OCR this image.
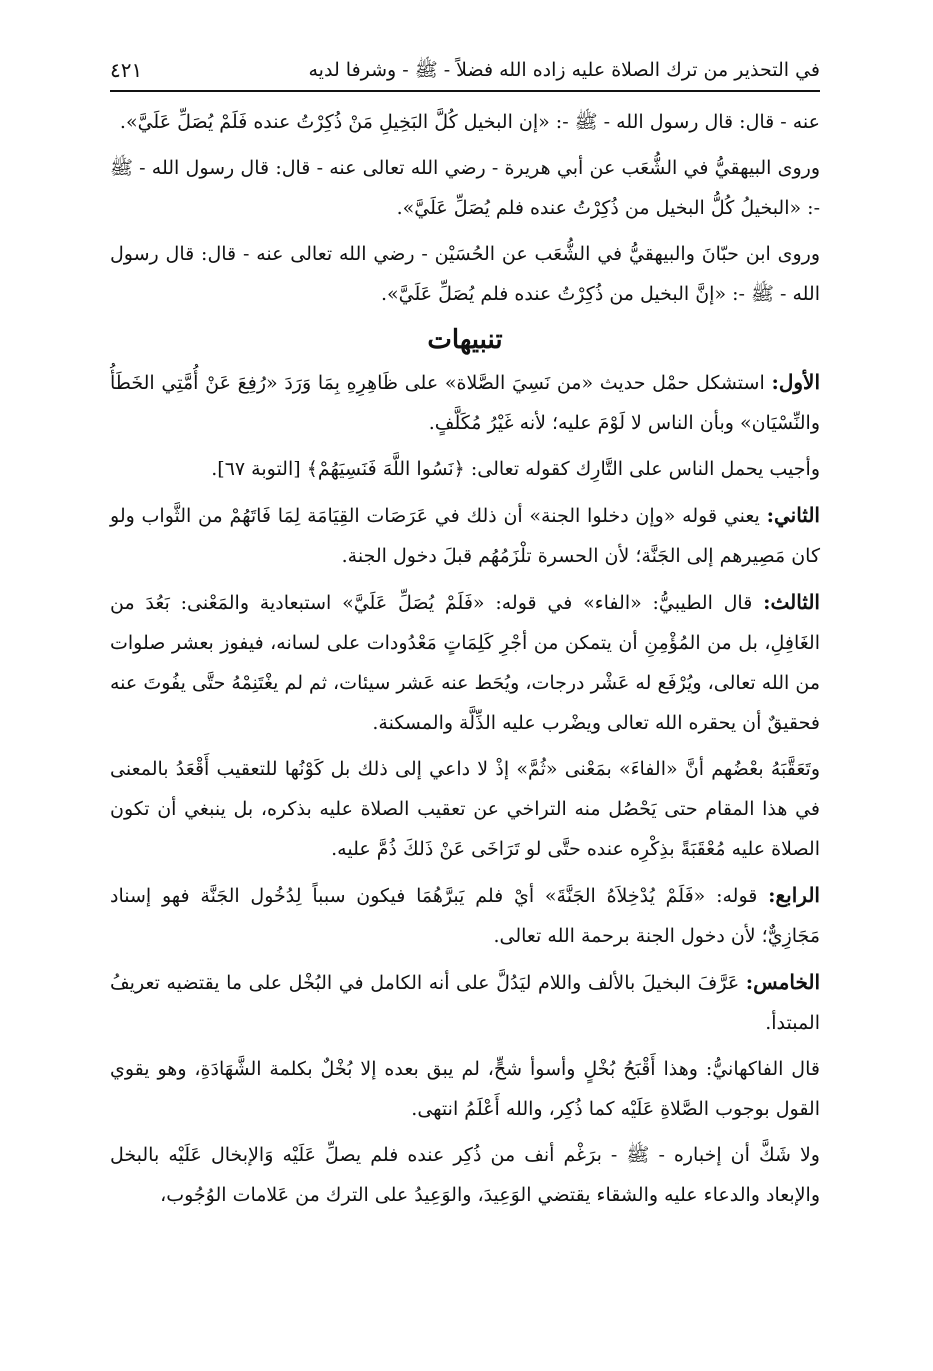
في التحذير من ترك الصلاة عليه زاده الله فضلاً - ﷺ - وشرفا لديه
٤٢١

عنه - قال: قال رسول الله - ﷺ -: «إن البخيل كُلَّ البَخِيلِ مَنْ ذُكِرْتُ عنده فَلَمْ يُصَلِّ عَلَيَّ».

وروى البيهقيُّ في الشُّعَب عن أبي هريرة - رضي الله تعالى عنه - قال: قال رسول الله - ﷺ -: «البخيلُ كُلُّ البخيل من ذُكِرْتُ عنده فلم يُصَلِّ عَلَيَّ».

وروى ابن حبّانَ والبيهقيُّ في الشُّعَب عن الحُسَيْن - رضي الله تعالى عنه - قال: قال رسول الله - ﷺ -: «إنَّ البخيل من ذُكِرْتُ عنده فلم يُصَلِّ عَلَيَّ».

تنبيهات

الأول: استشكل حمْل حديث «من نَسِيَ الصَّلاة» على ظَاهِرِهِ بِمَا وَرَدَ «رُفِعَ عَنْ أُمَّتِي الخَطَأُ والنِّسْيَان» وبأن الناس لا لَوْمَ عليه؛ لأنه غَيْرُ مُكَلَّفٍ.

وأجيب يحمل الناس على التَّارِك كقوله تعالى: ﴿نَسُوا اللَّهَ فَنَسِيَهُمْ﴾ [التوبة ٦٧].

الثاني: يعني قوله «وإن دخلوا الجنة» أن ذلك في عَرَصَات القِيَامَة لِمَا فَاتَهُمْ من الثَّواب ولو كان مَصِيرهم إلى الجَنَّة؛ لأن الحسرة تلْزَمُهُم قبلَ دخول الجنة.

الثالث: قال الطيبيُّ: «الفاء» في قوله: «فَلَمْ يُصَلِّ عَلَيَّ» استبعادية والمَعْنى: بَعُدَ من الغَافِلِ، بل من المُؤْمِنِ أن يتمكن من أجْرِ كَلِمَاتٍ مَعْدُودات على لسانه، فيفوز بعشر صلوات من الله تعالى، ويُرْفَع له عَشْر درجات، ويُحَط عنه عَشر سيئات، ثم لم يغْتَنِمْهُ حتَّى يفُوتَ عنه فحقيقٌ أن يحقره الله تعالى ويضْرب عليه الذِّلَّة والمسكنة.

وتَعَقَّبَهُ بعْضُهم أنَّ «الفاءَ» بمَعْنى «ثُمَّ» إذْ لا داعي إلى ذلك بل كَوْنُها للتعقيب أَقْعَدُ بالمعنى في هذا المقام حتى يَحْصُل منه التراخي عن تعقيب الصلاة عليه بذكره، بل ينبغي أن تكون الصلاة عليه مُعْقَبَةً بذِكْرِه عنده حتَّى لو تَرَاخَى عَنْ ذَلكَ ذُمَّ عليه.

الرابع: قوله: «فَلَمْ يُدْخِلاَهُ الجَنَّةَ» أيْ فلم يَبرَّهُمَا فيكون سبباً لِدُخُول الجَنَّة فهو إسناد مَجَازِيٌّ؛ لأن دخول الجنة برحمة الله تعالى.

الخامس: عَرَّفَ البخيلَ بالألف واللام ليَدُلَّ على أنه الكامل في البُخْل على ما يقتضيه تعريفُ المبتدأ.

قال الفاكهانيُّ: وهذا أَقْبَحُ بُخْلٍ وأسوأ شحٍّ، لم يبق بعده إلا بُخْلٌ بكلمة الشَّهَادَةِ، وهو يقوي القول بوجوب الصَّلاةِ عَلَيْه كما ذُكِر، والله أَعْلَمُ انتهى.

ولا شَكَّ أن إخباره - ﷺ - برَغْم أنف من ذُكِر عنده فلم يصلِّ عَلَيْه وَالإبخال عَلَيْه بالبخل والإبعاد والدعاء عليه والشقاء يقتضي الوَعِيدَ، والوَعِيدُ على الترك من عَلامات الوُجُوب،
